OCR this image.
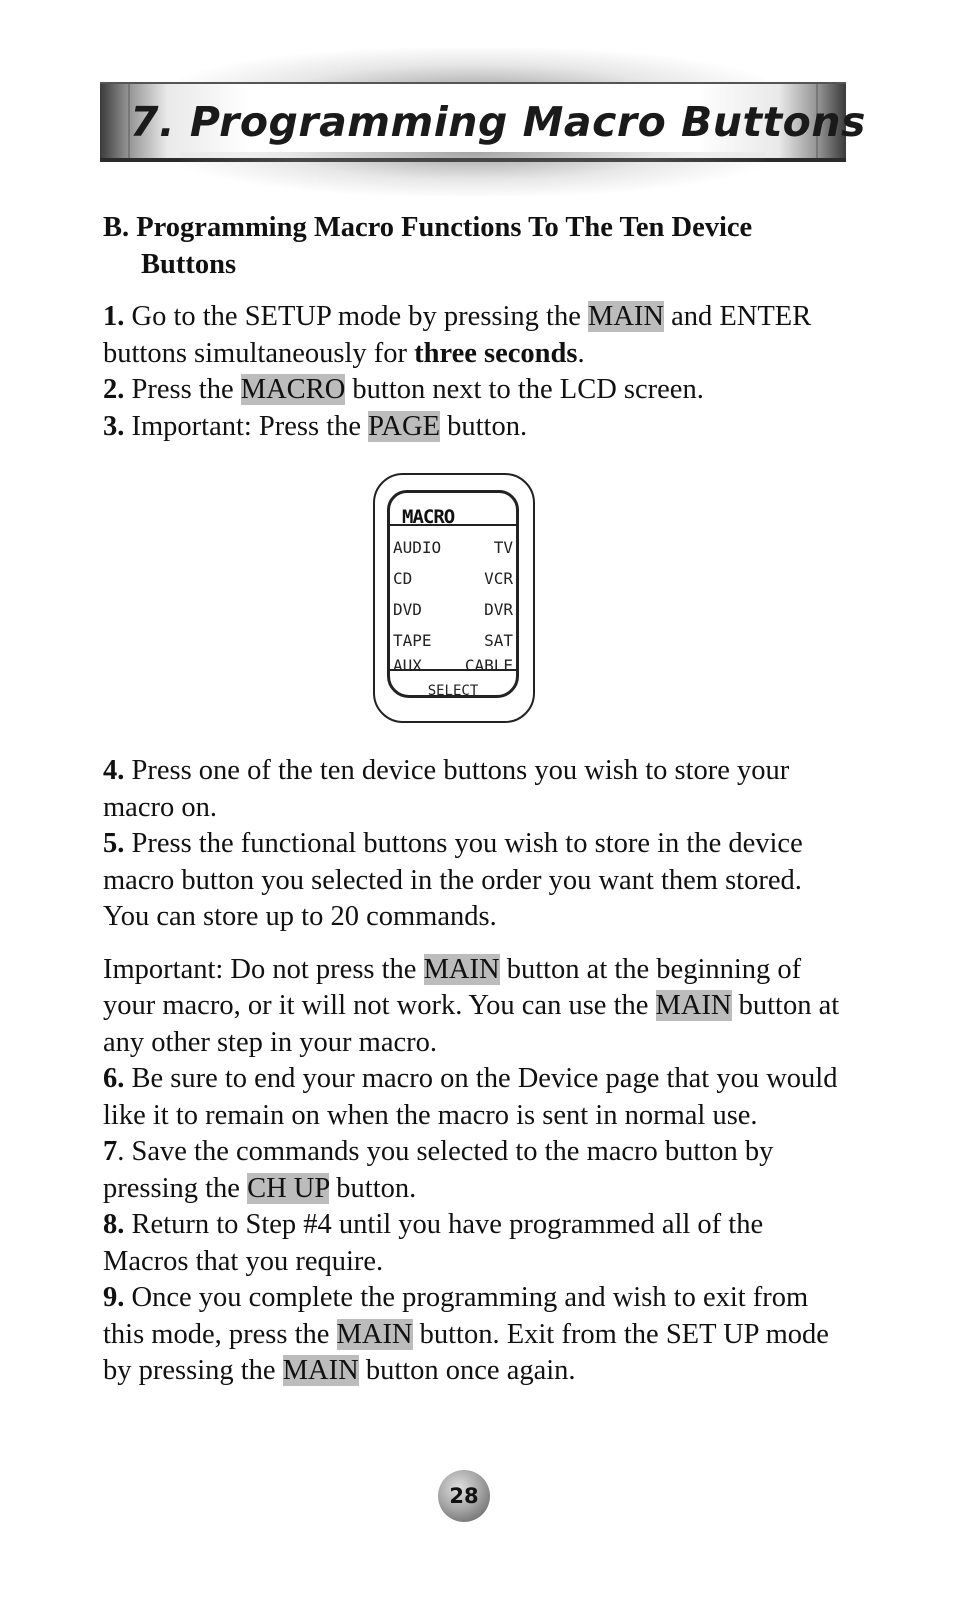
7. Programming Macro Buttons

B. Programming Macro Functions To The Ten Device Buttons

1. Go to the SETUP mode by pressing the MAIN and ENTER buttons simultaneously for three seconds.

2. Press the MACRO button next to the LCD screen.

3. Important: Press the PAGE button.

MACRO
AUDIO	TV
CD	VCR
DVD	DVR
TAPE	SAT
AUX	CABLE
SELECT

4. Press one of the ten device buttons you wish to store your macro on.

5. Press the functional buttons you wish to store in the device macro button you selected in the order you want them stored. You can store up to 20 commands.

Important: Do not press the MAIN button at the beginning of your macro, or it will not work. You can use the MAIN button at any other step in your macro.

6. Be sure to end your macro on the Device page that you would like it to remain on when the macro is sent in normal use.

7. Save the commands you selected to the macro button by pressing the CH UP button.

8. Return to Step #4 until you have programmed all of the Macros that you require.

9. Once you complete the programming and wish to exit from this mode, press the MAIN button. Exit from the SET UP mode by pressing the MAIN button once again.

28
